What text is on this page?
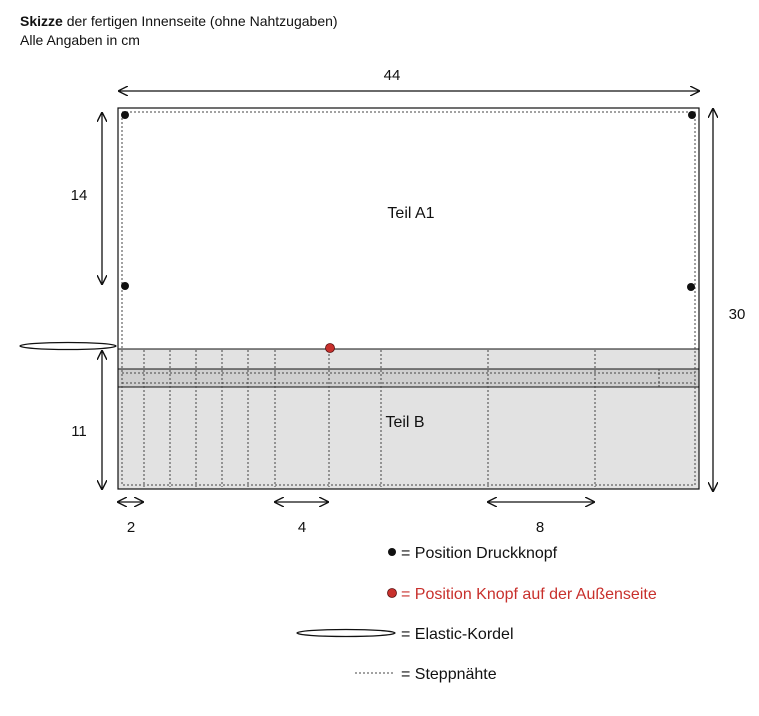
Skizze der fertigen Innenseite (ohne Nahtzugaben)
Alle Angaben in cm
44
30
14
11
2	4	8
Teil A1
Teil B
= Position Druckknopf
= Position Knopf auf der Außenseite
= Elastic-Kordel
= Steppnähte
